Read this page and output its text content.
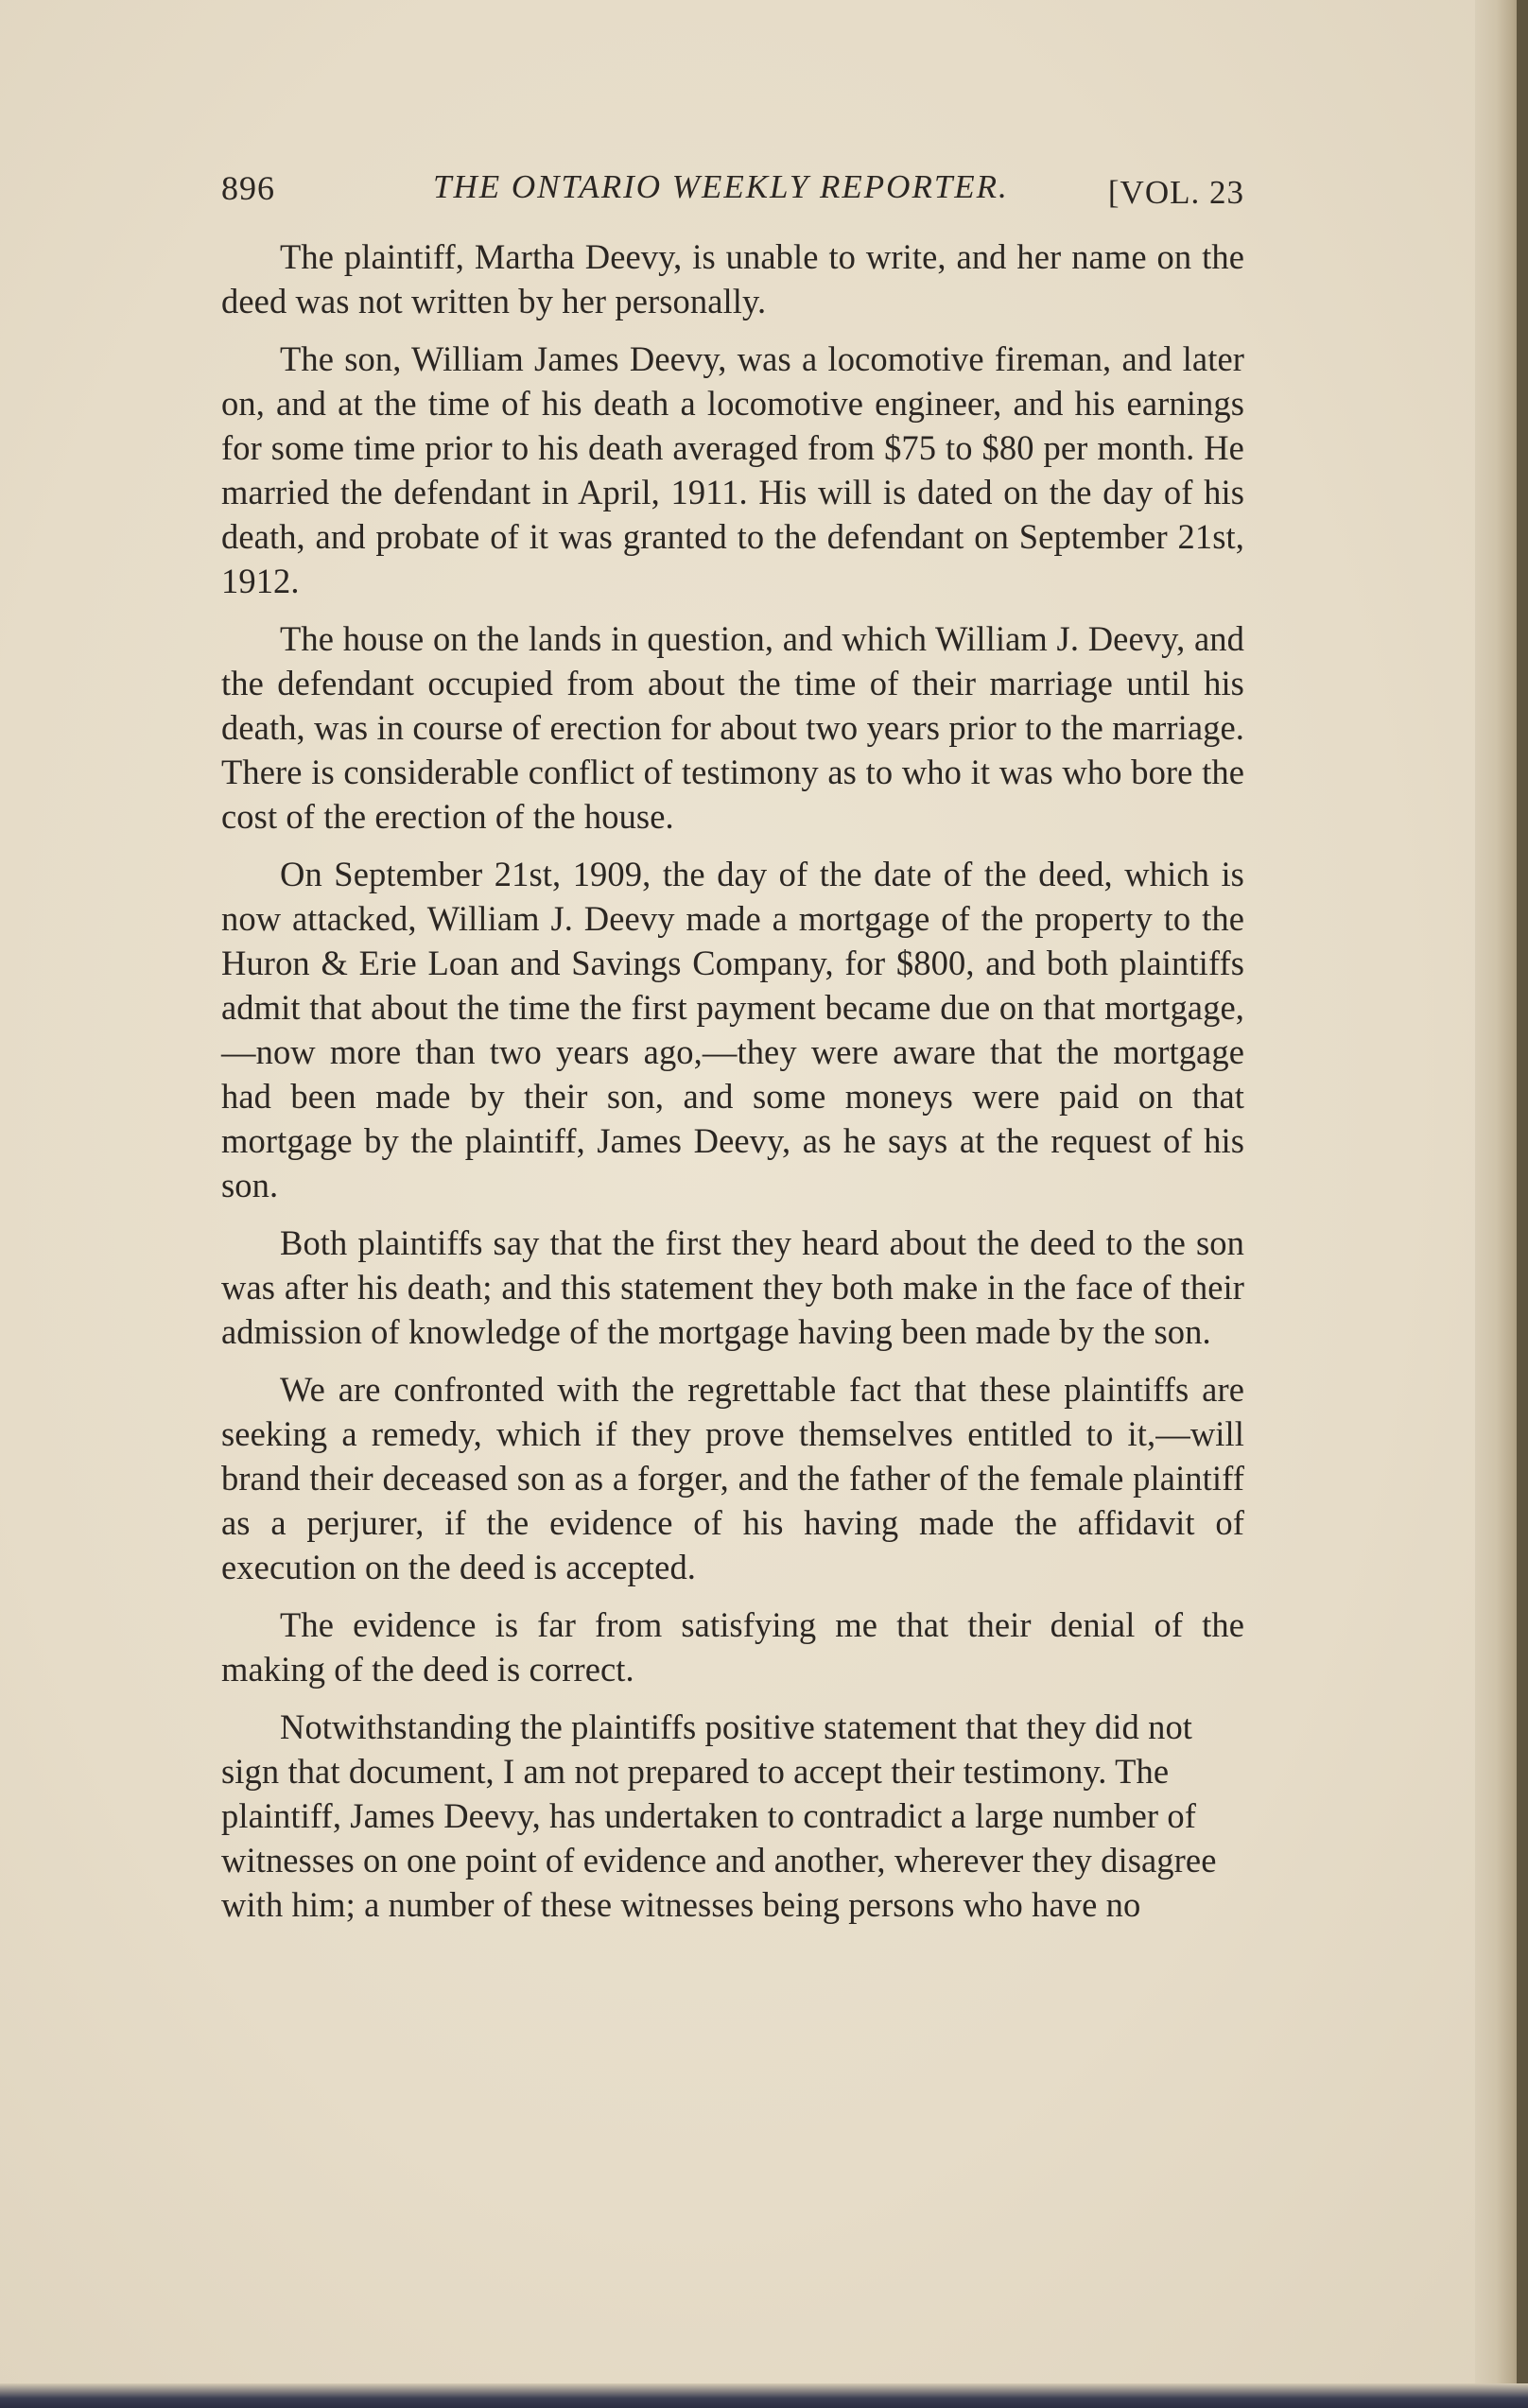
896	THE ONTARIO WEEKLY REPORTER.	[VOL. 23

The plaintiff, Martha Deevy, is unable to write, and her name on the deed was not written by her personally.

The son, William James Deevy, was a locomotive fireman, and later on, and at the time of his death a locomotive engineer, and his earnings for some time prior to his death averaged from $75 to $80 per month. He married the defendant in April, 1911. His will is dated on the day of his death, and probate of it was granted to the defendant on September 21st, 1912.

The house on the lands in question, and which William J. Deevy, and the defendant occupied from about the time of their marriage until his death, was in course of erection for about two years prior to the marriage. There is considerable conflict of testimony as to who it was who bore the cost of the erection of the house.

On September 21st, 1909, the day of the date of the deed, which is now attacked, William J. Deevy made a mortgage of the property to the Huron & Erie Loan and Savings Company, for $800, and both plaintiffs admit that about the time the first payment became due on that mortgage,—now more than two years ago,—they were aware that the mortgage had been made by their son, and some moneys were paid on that mortgage by the plaintiff, James Deevy, as he says at the request of his son.

Both plaintiffs say that the first they heard about the deed to the son was after his death; and this statement they both make in the face of their admission of knowledge of the mortgage having been made by the son.

We are confronted with the regrettable fact that these plaintiffs are seeking a remedy, which if they prove themselves entitled to it,—will brand their deceased son as a forger, and the father of the female plaintiff as a perjurer, if the evidence of his having made the affidavit of execution on the deed is accepted.

The evidence is far from satisfying me that their denial of the making of the deed is correct.

Notwithstanding the plaintiffs positive statement that they did not sign that document, I am not prepared to accept their testimony. The plaintiff, James Deevy, has undertaken to contradict a large number of witnesses on one point of evidence and another, wherever they disagree with him; a number of these witnesses being persons who have no
